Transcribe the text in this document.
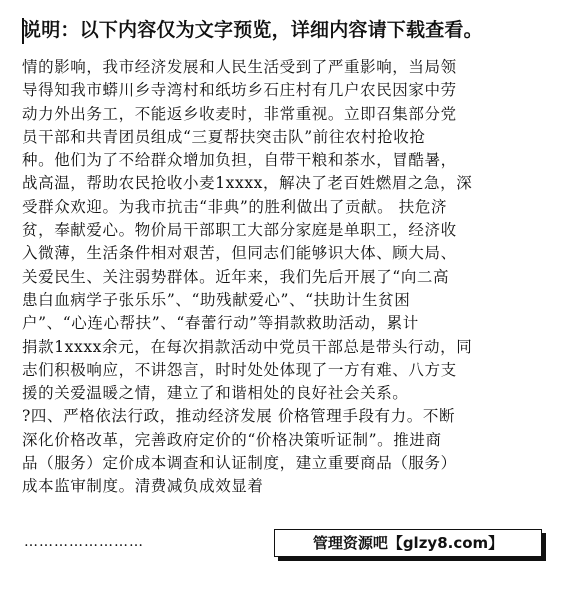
说明：以下内容仅为文字预览，详细内容请下载查看。
情的影响，我市经济发展和人民生活受到了严重影响，当局领
导得知我市蟒川乡寺湾村和纸坊乡石庄村有几户农民因家中劳
动力外出务工，不能返乡收麦时，非常重视。立即召集部分党
员干部和共青团员组成“三夏帮扶突击队”前往农村抢收抢
种。他们为了不给群众增加负担，自带干粮和茶水，冒酷暑，
战高温，帮助农民抢收小麦1xxxx，解决了老百姓燃眉之急，深
受群众欢迎。为我市抗击“非典”的胜利做出了贡献。 扶危济
贫，奉献爱心。物价局干部职工大部分家庭是单职工，经济收
入微薄，生活条件相对艰苦，但同志们能够识大体、顾大局、
关爱民生、关注弱势群体。近年来，我们先后开展了“向二高
患白血病学子张乐乐”、“助残献爱心”、“扶助计生贫困
户”、“心连心帮扶”、“春蕾行动”等捐款救助活动，累计
捐款1xxxx余元，在每次捐款活动中党员干部总是带头行动，同
志们积极响应，不讲怨言，时时处处体现了一方有难、八方支
援的关爱温暖之情，建立了和谐相处的良好社会关系。
?四、严格依法行政，推动经济发展 价格管理手段有力。不断
深化价格改革，完善政府定价的“价格决策听证制”。推进商
品（服务）定价成本调查和认证制度，建立重要商品（服务）
成本监审制度。清费减负成效显着
……………………	管理资源吧【glzy8.com】
